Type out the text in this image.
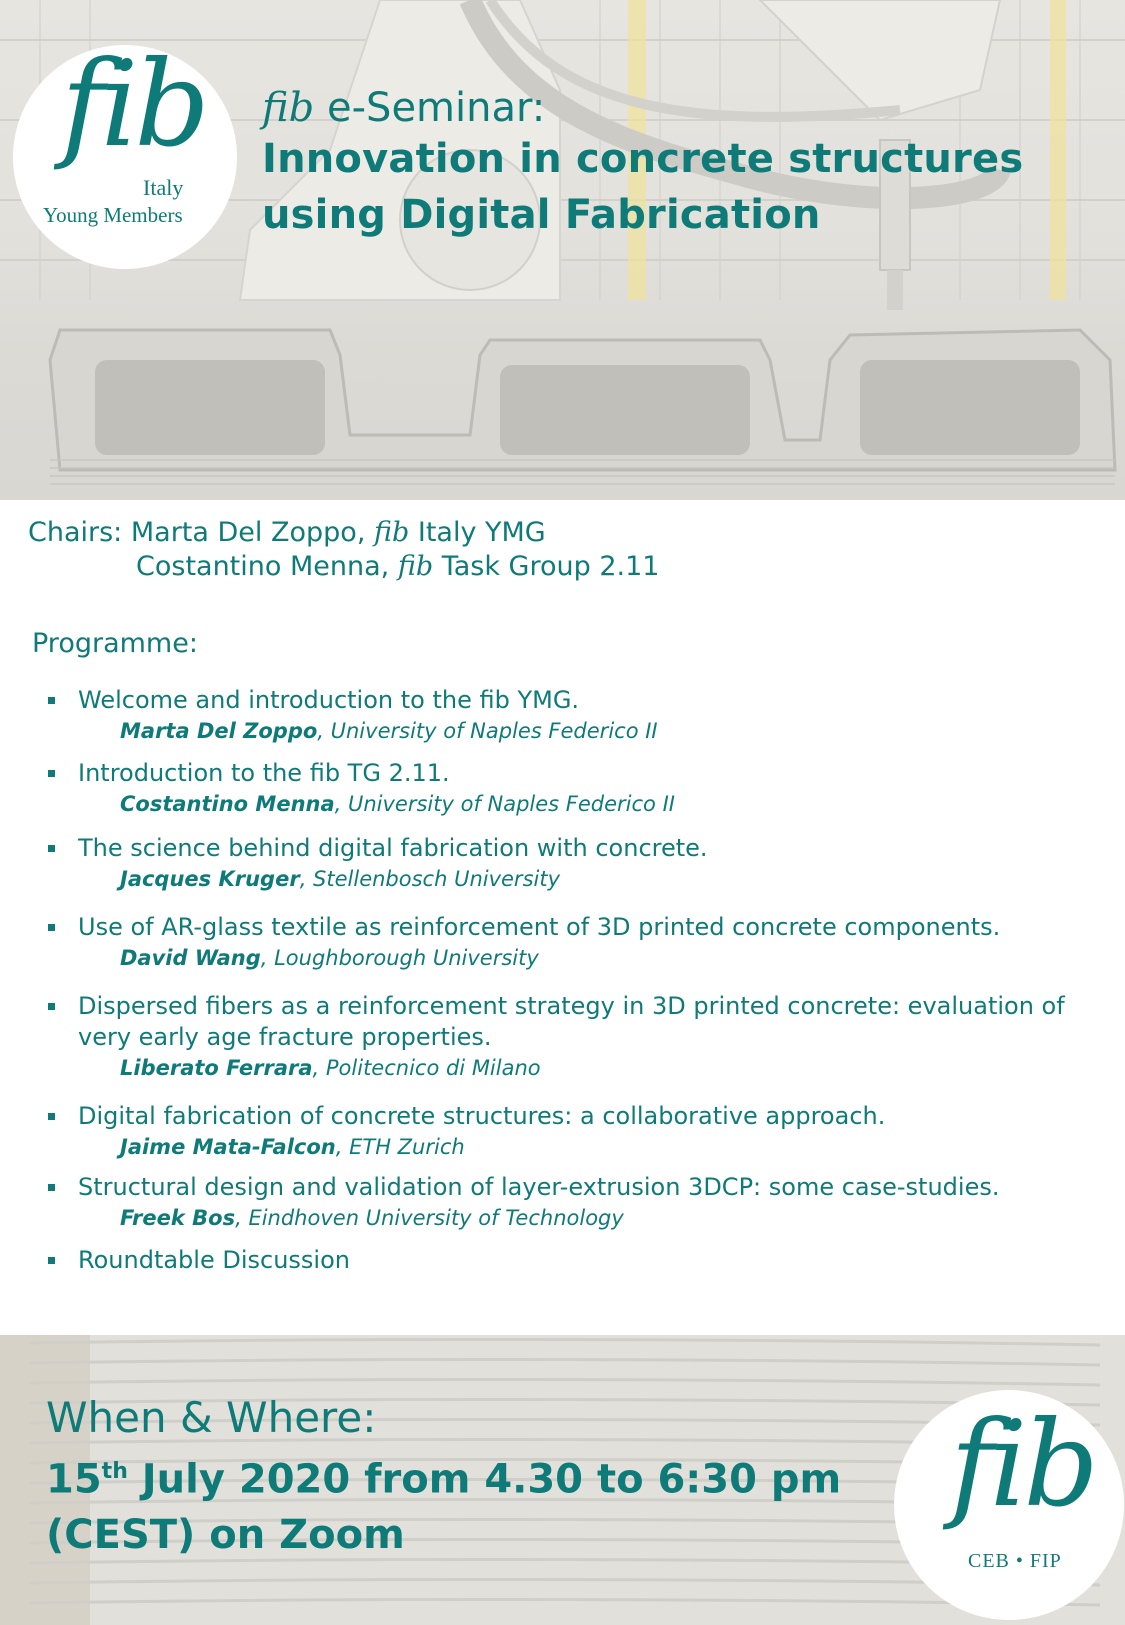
fib
Italy
Young Members
fib e-Seminar:
Innovation in concrete structures
using Digital Fabrication
Chairs: Marta Del Zoppo, fib Italy YMG
Costantino Menna, fib Task Group 2.11
Programme:
Welcome and introduction to the fib YMG.
Marta Del Zoppo, University of Naples Federico II
Introduction to the fib TG 2.11.
Costantino Menna, University of Naples Federico II
The science behind digital fabrication with concrete.
Jacques Kruger, Stellenbosch University
Use of AR-glass textile as reinforcement of 3D printed concrete components.
David Wang, Loughborough University
Dispersed fibers as a reinforcement strategy in 3D printed concrete: evaluation of very early age fracture properties.
Liberato Ferrara, Politecnico di Milano
Digital fabrication of concrete structures: a collaborative approach.
Jaime Mata-Falcon, ETH Zurich
Structural design and validation of layer-extrusion 3DCP: some case-studies.
Freek Bos, Eindhoven University of Technology
Roundtable Discussion
When & Where:
15th July 2020 from 4.30 to 6:30 pm
(CEST) on Zoom
fib
CEB • FIP
